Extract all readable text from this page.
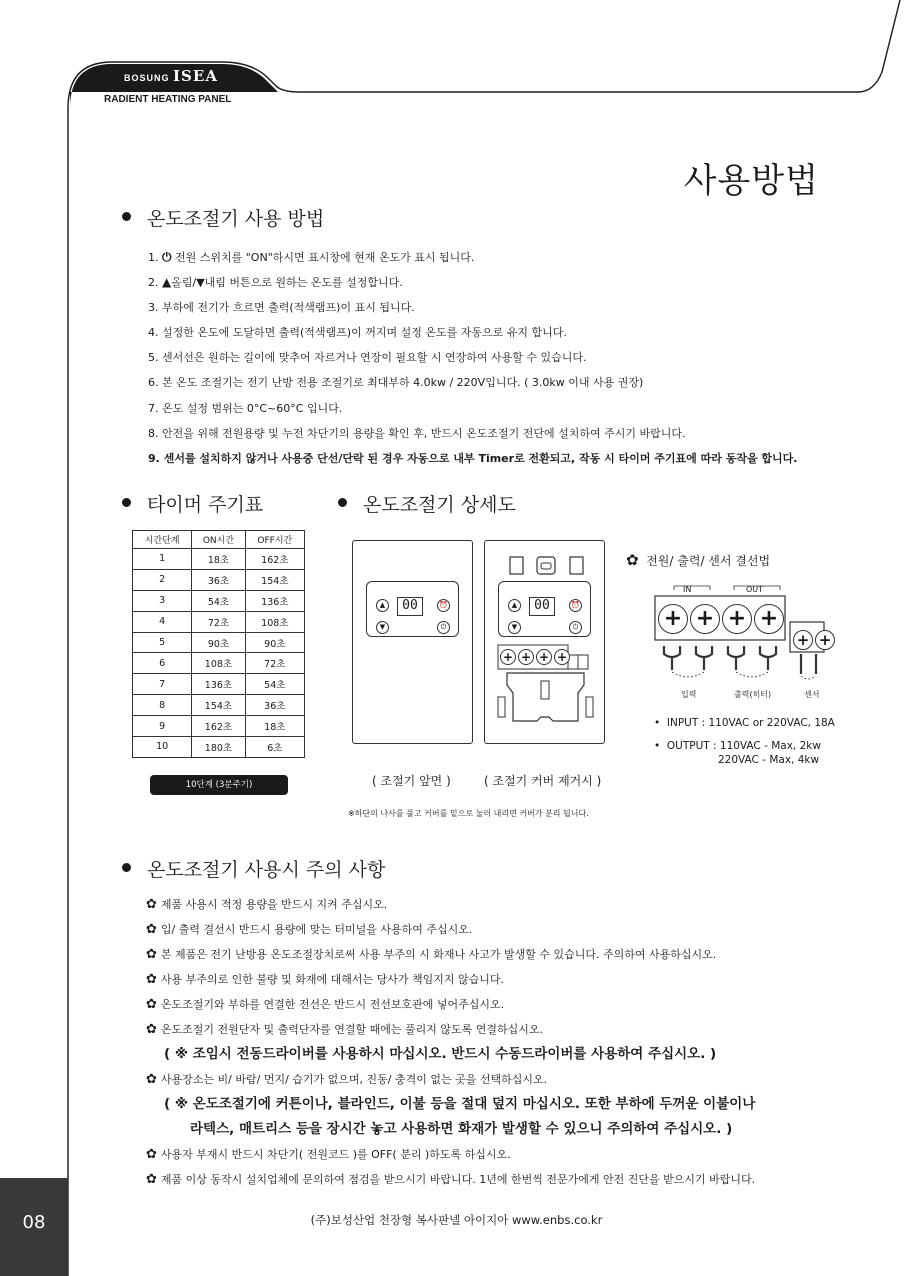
BOSUNG ISEA
RADIENT HEATING PANEL
사용방법
온도조절기 사용 방법
1. ⏻ 전원 스위치를 "ON"하시면 표시창에 현재 온도가 표시 됩니다.
2. ▲올림/▼내림 버튼으로 원하는 온도를 설정합니다.
3. 부하에 전기가 흐르면 출력(적색램프)이 표시 됩니다.
4. 설정한 온도에 도달하면 출력(적색램프)이 꺼지며 설정 온도를 자동으로 유지 합니다.
5. 센서선은 원하는 길이에 맞추어 자르거나 연장이 필요할 시 연장하여 사용할 수 있습니다.
6. 본 온도 조절기는 전기 난방 전용 조절기로 최대부하 4.0kw / 220V입니다. ( 3.0kw 이내 사용 권장)
7. 온도 설정 범위는 0°C~60°C 입니다.
8. 안전을 위해 전원용량 및 누전 차단기의 용량을 확인 후, 반드시 온도조절기 전단에 설치하여 주시기 바랍니다.
9. 센서를 설치하지 않거나 사용중 단선/단락 된 경우 자동으로 내부 Timer로 전환되고, 작동 시 타이머 주기표에 따라 동작을 합니다.
타이머 주기표
시간단계	ON시간	OFF시간
1	18초	162초
2	36초	154초
3	54초	136초
4	72초	108초
5	90초	90초
6	108초	72초
7	136초	54초
8	154초	36초
9	162초	18초
10	180초	6초
10단계 (3분주기)
온도조절기 상세도
▲
▼
00	⏰
⏻
▲
▼
00	⏰
⏻
+ + + +
( 조절기 앞면 )	( 조절기 커버 제거시 )
※하단의 나사를 풀고 커버를 밑으로 눌러 내리면 커버가 분리 됩니다.
✿ 전원/ 출력/ 센서 결선법
IN	OUT
+ + + +
+ +
입력	출력(히터)	센서
•  INPUT : 110VAC or 220VAC, 18A
•  OUTPUT : 110VAC - Max, 2kw
220VAC - Max, 4kw
온도조절기 사용시 주의 사항
✿ 제품 사용시 적정 용량을 반드시 지켜 주십시오.
✿ 입/ 출력 결선시 반드시 용량에 맞는 터미널을 사용하여 주십시오.
✿ 본 제품은 전기 난방용 온도조절장치로써 사용 부주의 시 화재나 사고가 발생할 수 있습니다. 주의하여 사용하십시오.
✿ 사용 부주의로 인한 불량 및 화재에 대해서는 당사가 책임지지 않습니다.
✿ 온도조절기와 부하를 연결한 전선은 반드시 전선보호관에 넣어주십시오.
✿ 온도조절기 전원단자 및 출력단자를 연결할 때에는 풀리지 않도록 연결하십시오.
( ※ 조임시 전동드라이버를 사용하시 마십시오. 반드시 수동드라이버를 사용하여 주십시오. )
✿ 사용장소는 비/ 바람/ 먼지/ 습기가 없으며, 진동/ 충격이 없는 곳을 선택하십시오.
( ※ 온도조절기에 커튼이나, 블라인드, 이불 등을 절대 덮지 마십시오. 또한 부하에 두꺼운 이불이나
라텍스, 매트리스 등을 장시간 놓고 사용하면 화재가 발생할 수 있으니 주의하여 주십시오. )
✿ 사용자 부재시 반드시 차단기( 전원코드 )를 OFF( 분리 )하도록 하십시오.
✿ 제품 이상 동작시 설치업체에 문의하여 점검을 받으시기 바랍니다. 1년에 한번씩 전문가에게 안전 진단을 받으시기 바랍니다.
(주)보성산업 천장형 복사판넬 아이지아 www.enbs.co.kr
08
